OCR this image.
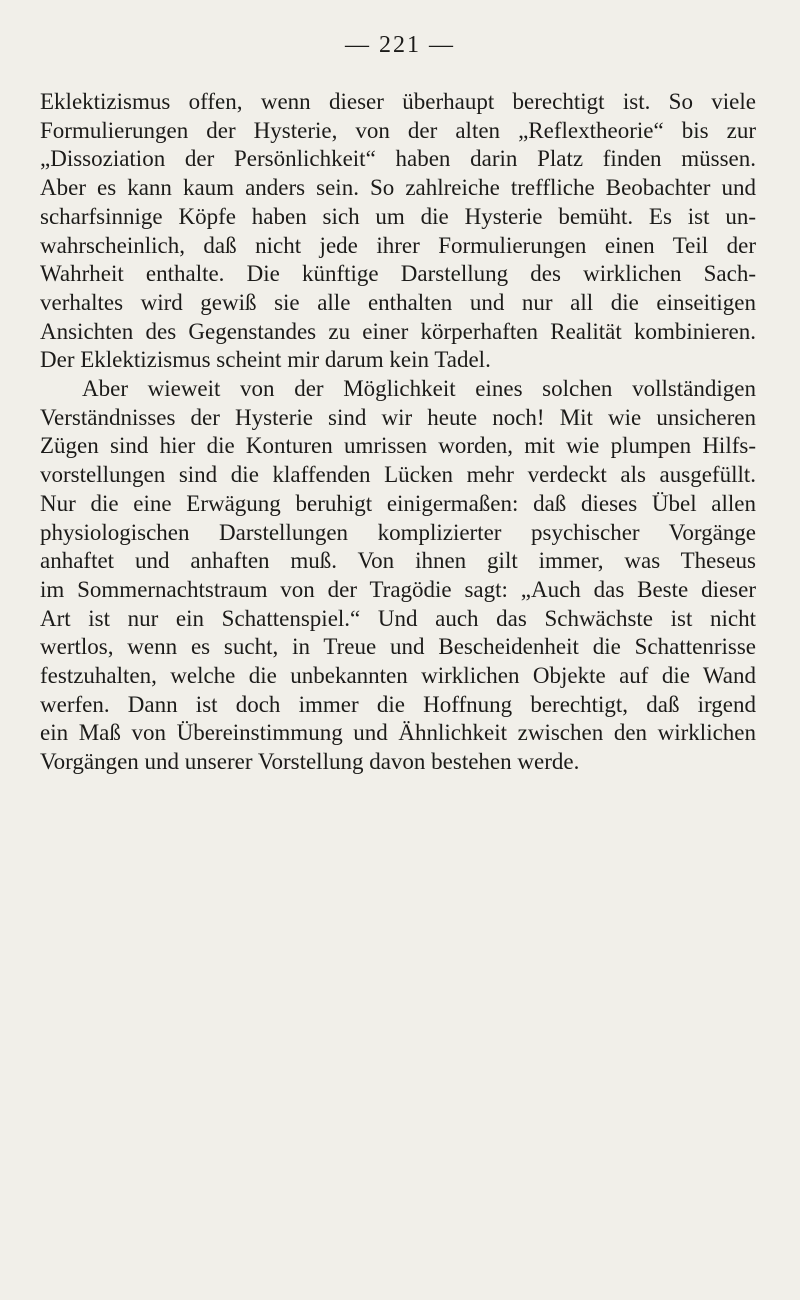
— 221 —
Eklektizismus offen, wenn dieser überhaupt berechtigt ist. So viele
Formulierungen der Hysterie, von der alten „Reflextheorie“ bis zur
„Dissoziation der Persönlichkeit“ haben darin Platz finden müssen.
Aber es kann kaum anders sein. So zahlreiche treffliche Beobachter und
scharfsinnige Köpfe haben sich um die Hysterie bemüht. Es ist un-
wahrscheinlich, daß nicht jede ihrer Formulierungen einen Teil der
Wahrheit enthalte. Die künftige Darstellung des wirklichen Sach-
verhaltes wird gewiß sie alle enthalten und nur all die einseitigen
Ansichten des Gegenstandes zu einer körperhaften Realität kombinieren.
Der Eklektizismus scheint mir darum kein Tadel.
Aber wieweit von der Möglichkeit eines solchen vollständigen
Verständnisses der Hysterie sind wir heute noch! Mit wie unsicheren
Zügen sind hier die Konturen umrissen worden, mit wie plumpen Hilfs-
vorstellungen sind die klaffenden Lücken mehr verdeckt als ausgefüllt.
Nur die eine Erwägung beruhigt einigermaßen: daß dieses Übel allen
physiologischen Darstellungen komplizierter psychischer Vorgänge
anhaftet und anhaften muß. Von ihnen gilt immer, was Theseus
im Sommernachtstraum von der Tragödie sagt: „Auch das Beste dieser
Art ist nur ein Schattenspiel.“ Und auch das Schwächste ist nicht
wertlos, wenn es sucht, in Treue und Bescheidenheit die Schattenrisse
festzuhalten, welche die unbekannten wirklichen Objekte auf die Wand
werfen. Dann ist doch immer die Hoffnung berechtigt, daß irgend
ein Maß von Übereinstimmung und Ähnlichkeit zwischen den wirklichen
Vorgängen und unserer Vorstellung davon bestehen werde.
